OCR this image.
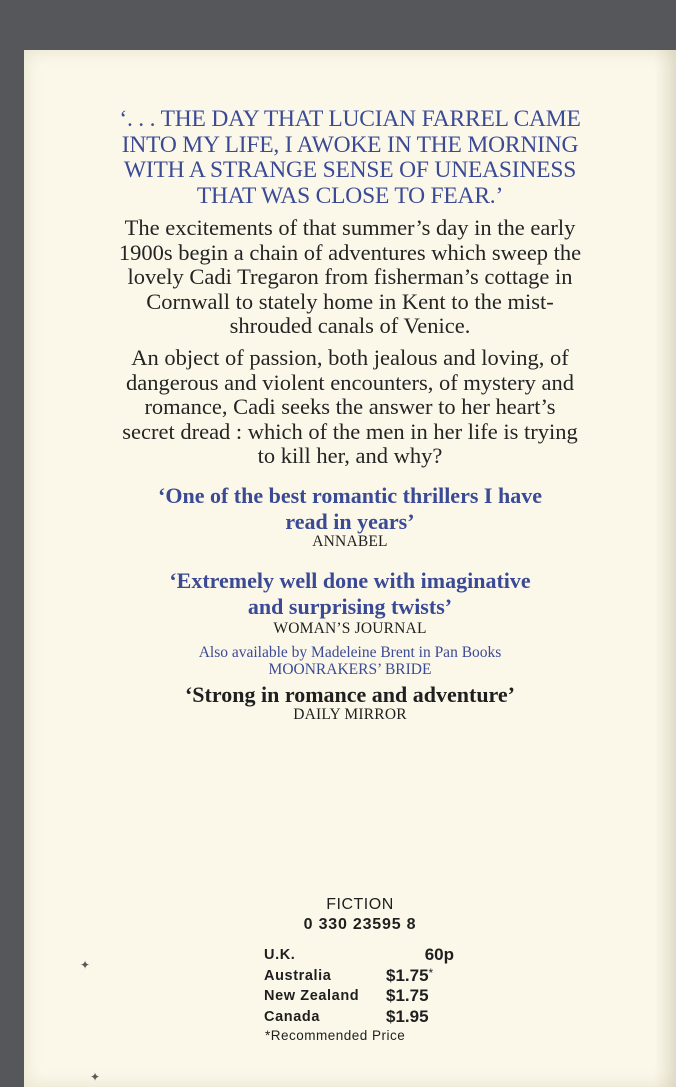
‘. . . THE DAY THAT LUCIAN FARREL CAME
INTO MY LIFE, I AWOKE IN THE MORNING
WITH A STRANGE SENSE OF UNEASINESS
THAT WAS CLOSE TO FEAR.’
The excitements of that summer’s day in the early
1900s begin a chain of adventures which sweep the
lovely Cadi Tregaron from fisherman’s cottage in
Cornwall to stately home in Kent to the mist-
shrouded canals of Venice.
An object of passion, both jealous and loving, of
dangerous and violent encounters, of mystery and
romance, Cadi seeks the answer to her heart’s
secret dread : which of the men in her life is trying
to kill her, and why?
‘One of the best romantic thrillers I have
read in years’
ANNABEL
‘Extremely well done with imaginative
and surprising twists’
WOMAN’S JOURNAL
Also available by Madeleine Brent in Pan Books
MOONRAKERS’ BRIDE
‘Strong in romance and adventure’
DAILY MIRROR
FICTION
0 330 23595 8
U.K.	60p
Australia	$1.75*
New Zealand $1.75
Canada	$1.95
*Recommended Price
✦
✦
